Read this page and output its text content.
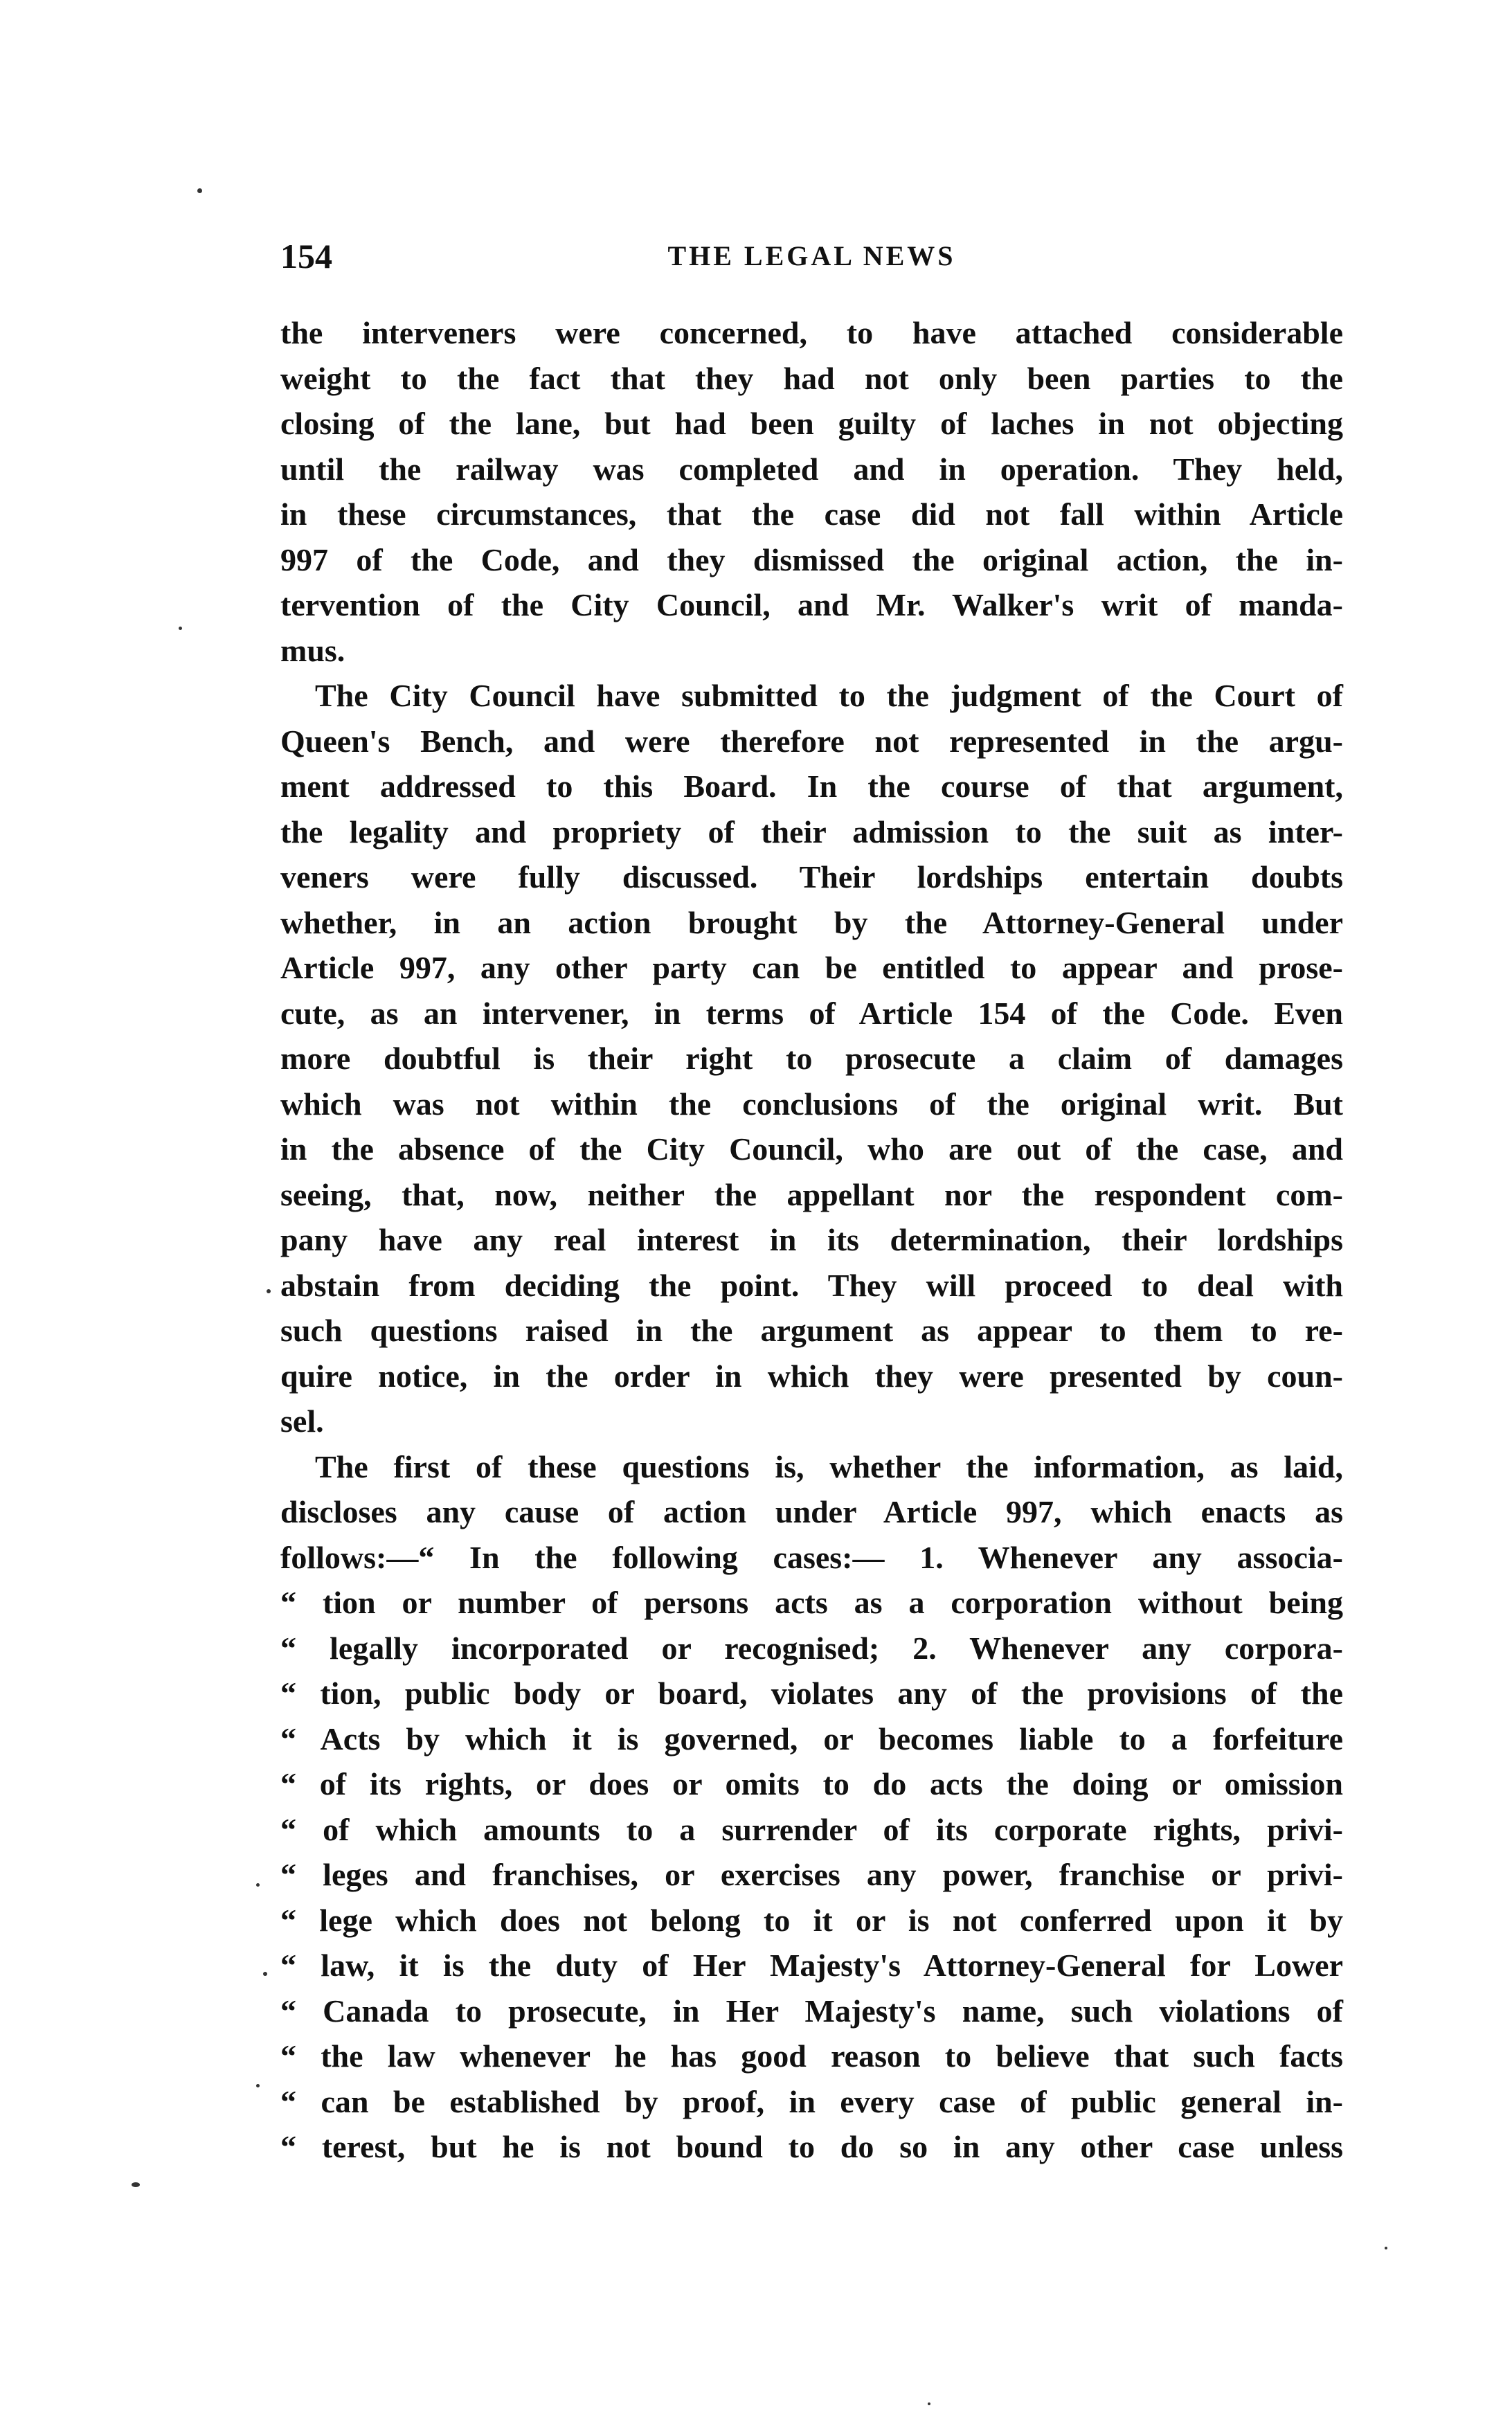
154	THE LEGAL NEWS
the interveners were concerned, to have attached considerable
weight to the fact that they had not only been parties to the
closing of the lane, but had been guilty of laches in not objecting
until the railway was completed and in operation. They held,
in these circumstances, that the case did not fall within Article
997 of the Code, and they dismissed the original action, the in-
tervention of the City Council, and Mr. Walker's writ of manda-
mus.
The City Council have submitted to the judgment of the Court of
Queen's Bench, and were therefore not represented in the argu-
ment addressed to this Board. In the course of that argument,
the legality and propriety of their admission to the suit as inter-
veners were fully discussed. Their lordships entertain doubts
whether, in an action brought by the Attorney-General under
Article 997, any other party can be entitled to appear and prose-
cute, as an intervener, in terms of Article 154 of the Code. Even
more doubtful is their right to prosecute a claim of damages
which was not within the conclusions of the original writ. But
in the absence of the City Council, who are out of the case, and
seeing, that, now, neither the appellant nor the respondent com-
pany have any real interest in its determination, their lordships
abstain from deciding the point. They will proceed to deal with
such questions raised in the argument as appear to them to re-
quire notice, in the order in which they were presented by coun-
sel.
The first of these questions is, whether the information, as laid,
discloses any cause of action under Article 997, which enacts as
follows:—“ In the following cases:— 1. Whenever any associa-
“ tion or number of persons acts as a corporation without being
“ legally incorporated or recognised; 2. Whenever any corpora-
“ tion, public body or board, violates any of the provisions of the
“ Acts by which it is governed, or becomes liable to a forfeiture
“ of its rights, or does or omits to do acts the doing or omission
“ of which amounts to a surrender of its corporate rights, privi-
“ leges and franchises, or exercises any power, franchise or privi-
“ lege which does not belong to it or is not conferred upon it by
“ law, it is the duty of Her Majesty's Attorney-General for Lower
“ Canada to prosecute, in Her Majesty's name, such violations of
“ the law whenever he has good reason to believe that such facts
“ can be established by proof, in every case of public general in-
“ terest, but he is not bound to do so in any other case unless
